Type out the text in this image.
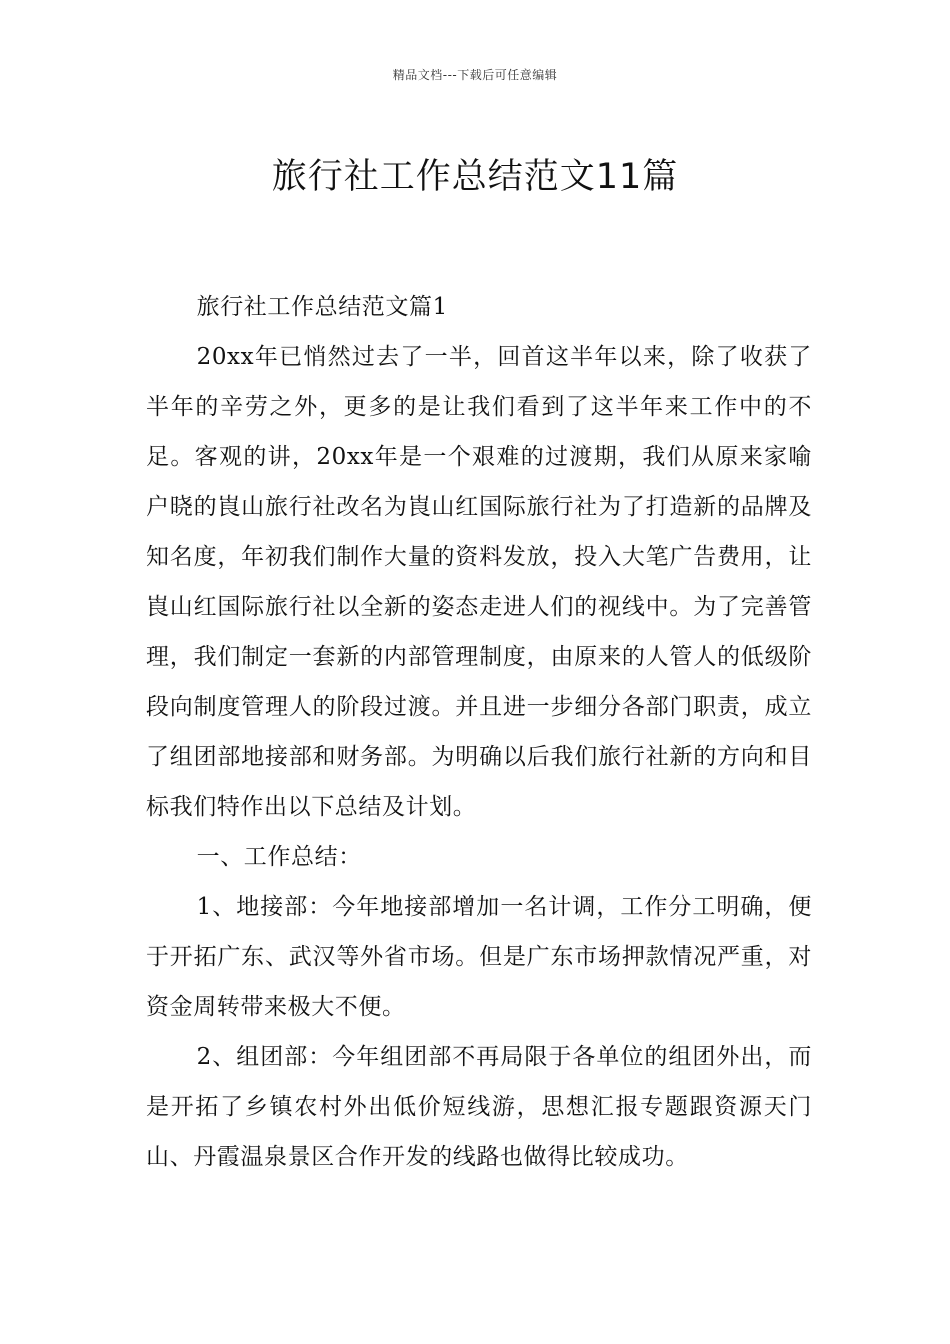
精品文档---下载后可任意编辑
旅行社工作总结范文11篇

旅行社工作总结范文篇1

20xx年已悄然过去了一半，回首这半年以来，除了收获了半年的辛劳之外，更多的是让我们看到了这半年来工作中的不足。客观的讲，20xx年是一个艰难的过渡期，我们从原来家喻户晓的崀山旅行社改名为崀山红国际旅行社为了打造新的品牌及知名度，年初我们制作大量的资料发放，投入大笔广告费用，让崀山红国际旅行社以全新的姿态走进人们的视线中。为了完善管理，我们制定一套新的内部管理制度，由原来的人管人的低级阶段向制度管理人的阶段过渡。并且进一步细分各部门职责，成立了组团部地接部和财务部。为明确以后我们旅行社新的方向和目标我们特作出以下总结及计划。

一、工作总结：

1、地接部：今年地接部增加一名计调，工作分工明确，便于开拓广东、武汉等外省市场。但是广东市场押款情况严重，对资金周转带来极大不便。

2、组团部：今年组团部不再局限于各单位的组团外出，而是开拓了乡镇农村外出低价短线游，思想汇报专题跟资源天门山、丹霞温泉景区合作开发的线路也做得比较成功。
